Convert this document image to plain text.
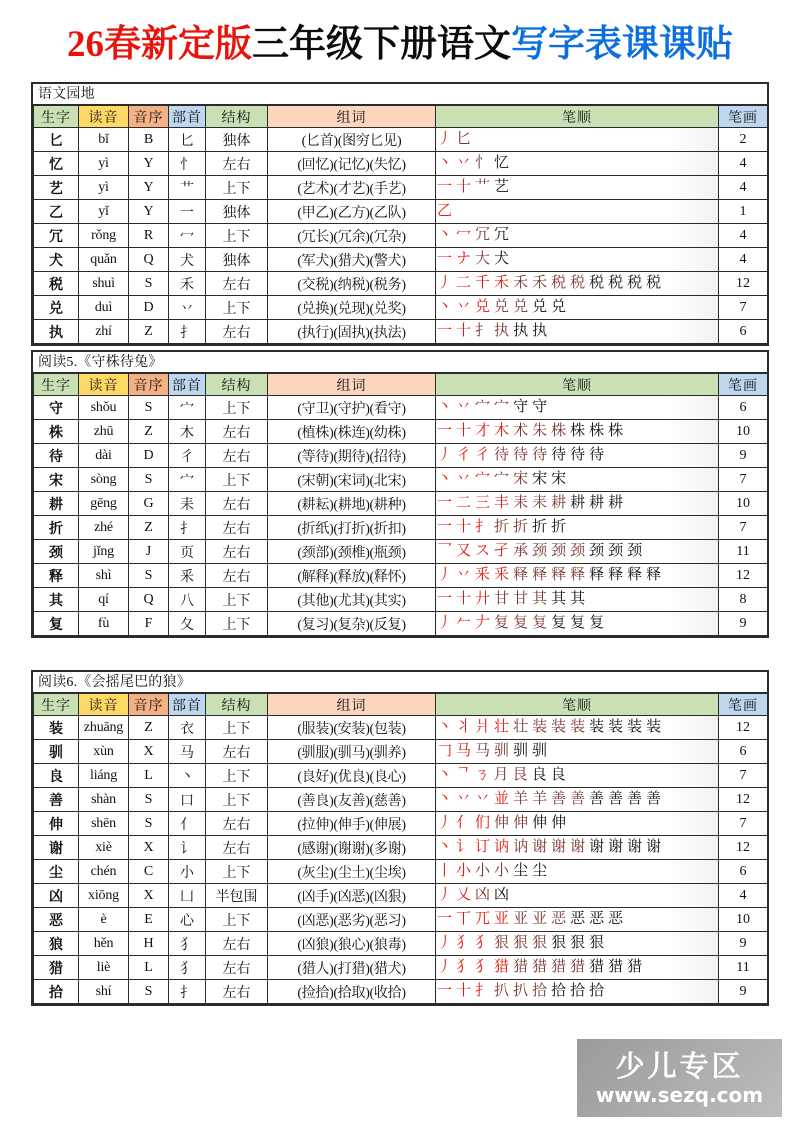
26春新定版三年级下册语文写字表课课贴
语文园地
生字	读音	音序	部首	结构	组词	笔顺	笔画
匕	bǐ	B	匕	独体	(匕首)(图穷匕见)	丿 匕	2
忆	yì	Y	忄	左右	(回忆)(记忆)(失忆)	丶 丷 忄 忆	4
艺	yì	Y	艹	上下	(艺术)(才艺)(手艺)	一 十 艹 艺	4
乙	yǐ	Y	一	独体	(甲乙)(乙方)(乙队)	乙	1
冗	rǒng	R	冖	上下	(冗长)(冗余)(冗杂)	丶 冖 冗 冗	4
犬	quǎn	Q	犬	独体	(军犬)(猎犬)(警犬)	一 ナ 大 犬	4
税	shuì	S	禾	左右	(交税)(纳税)(税务)	丿 二 千 禾 禾 禾 税 税 税 税 税 税	12
兑	duì	D	丷	上下	(兑换)(兑现)(兑奖)	丶 丷 兑 兑 兑 兑 兑	7
执	zhí	Z	扌	左右	(执行)(固执)(执法)	一 十 扌 执 执 执	6
阅读5.《守株待兔》
生字	读音	音序	部首	结构	组词	笔顺	笔画
守	shǒu	S	宀	上下	(守卫)(守护)(看守)	丶 丷 宀 宀 守 守	6
株	zhū	Z	木	左右	(植株)(株连)(幼株)	一 十 才 木 术 朱 株 株 株 株	10
待	dài	D	彳	左右	(等待)(期待)(招待)	丿 彳 彳 待 待 待 待 待 待	9
宋	sòng	S	宀	上下	(宋朝)(宋词)(北宋)	丶 丷 宀 宀 宋 宋 宋	7
耕	gēng	G	耒	左右	(耕耘)(耕地)(耕种)	一 二 三 丰 耒 耒 耕 耕 耕 耕	10
折	zhé	Z	扌	左右	(折纸)(打折)(折扣)	一 十 扌 折 折 折 折	7
颈	jǐng	J	页	左右	(颈部)(颈椎)(瓶颈)	乛 又 ス 孑 承 颈 颈 颈 颈 颈 颈	11
释	shì	S	釆	左右	(解释)(释放)(释怀)	丿 丷 釆 釆 释 释 释 释 释 释 释 释	12
其	qí	Q	八	上下	(其他)(尤其)(其实)	一 十 廾 甘 甘 其 其 其	8
复	fù	F	夂	上下	(复习)(复杂)(反复)	丿 𠂉 𠂇 复 复 复 复 复 复	9
阅读6.《会摇尾巴的狼》
生字	读音	音序	部首	结构	组词	笔顺	笔画
装	zhuāng	Z	衣	上下	(服装)(安装)(包装)	丶 丬 爿 壮 壮 装 装 装 装 装 装 装	12
驯	xùn	X	马	左右	(驯服)(驯马)(驯养)	𠃌 马 马 驯 驯 驯	6
良	liáng	L	丶	上下	(良好)(优良)(良心)	丶 ᄀ ㄋ 月 艮 良 良	7
善	shàn	S	口	上下	(善良)(友善)(慈善)	丶 丷 丷 並 羊 羊 善 善 善 善 善 善	12
伸	shēn	S	亻	左右	(拉伸)(伸手)(伸展)	丿 亻 们 伸 伸 伸 伸	7
谢	xiè	X	讠	左右	(感谢)(谢谢)(多谢)	丶 讠 订 讷 讷 谢 谢 谢 谢 谢 谢 谢	12
尘	chén	C	小	上下	(灰尘)(尘土)(尘埃)	丨 小 小 小 尘 尘	6
凶	xiōng	X	凵	半包围	(凶手)(凶恶)(凶狠)	丿 乂 凶 凶	4
恶	è	E	心	上下	(凶恶)(恶劣)(恶习)	一 丅 兀 亚 亚 亚 恶 恶 恶 恶	10
狼	hěn	H	犭	左右	(凶狼)(狼心)(狼毒)	丿 犭 犭 狠 狠 狠 狠 狠 狠	9
猎	liè	L	犭	左右	(猎人)(打猎)(猎犬)	丿 犭 犭 猎 猎 猎 猎 猎 猎 猎 猎	11
拾	shí	S	扌	左右	(捡拾)(拾取)(收拾)	一 十 扌 扒 扒 拾 拾 拾 拾	9
少儿专区
www.sezq.com
